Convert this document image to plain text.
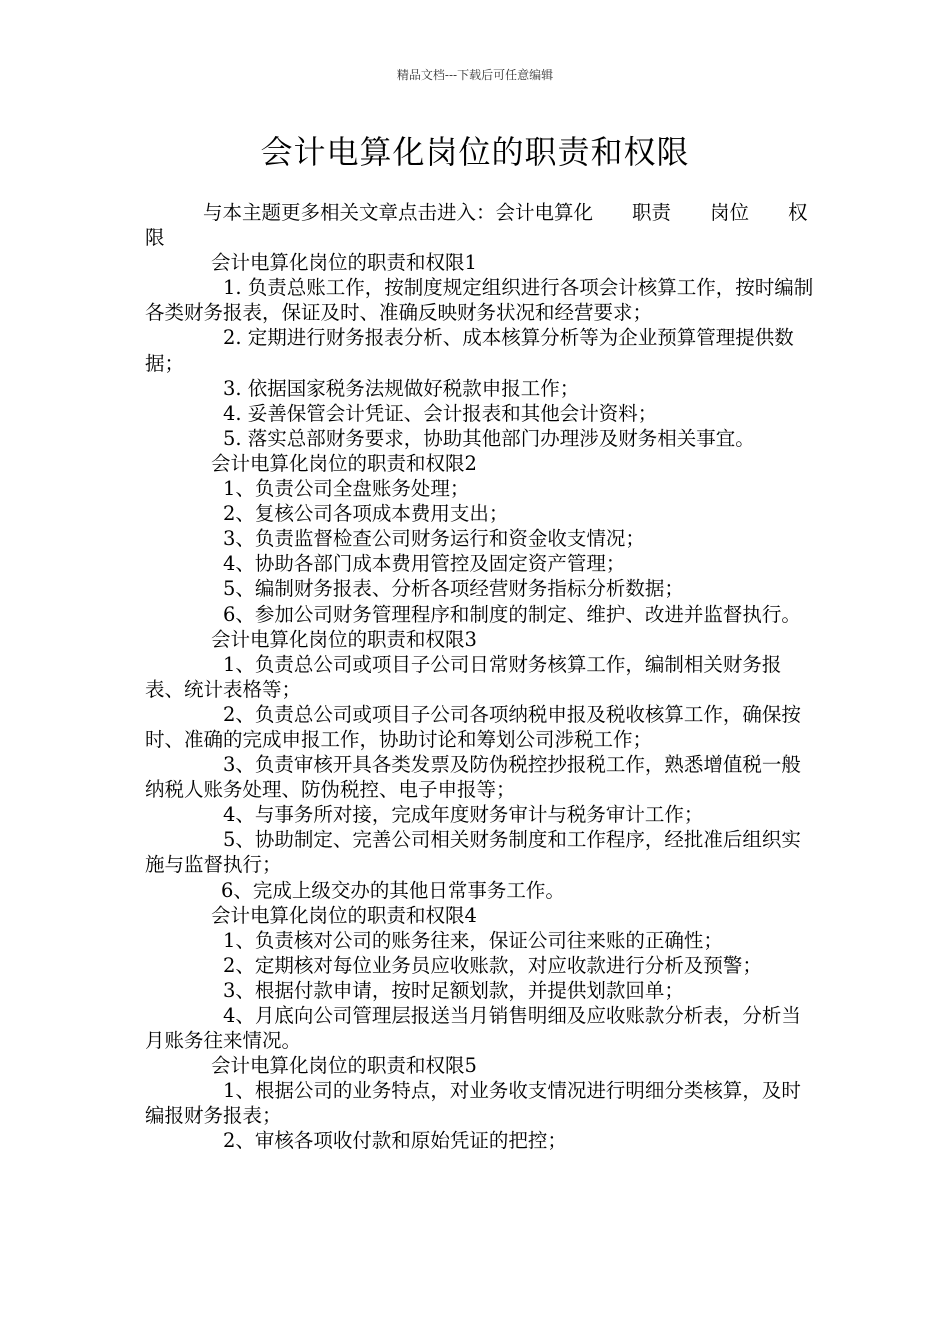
精品文档---下载后可任意编辑
会计电算化岗位的职责和权限

与本主题更多相关文章点击进入：会计电算化　　职责　　岗位　　权限

会计电算化岗位的职责和权限1

1. 负责总账工作，按制度规定组织进行各项会计核算工作，按时编制各类财务报表，保证及时、准确反映财务状况和经营要求；

2. 定期进行财务报表分析、成本核算分析等为企业预算管理提供数据；

3. 依据国家税务法规做好税款申报工作；

4. 妥善保管会计凭证、会计报表和其他会计资料；

5. 落实总部财务要求，协助其他部门办理涉及财务相关事宜。

会计电算化岗位的职责和权限2

1、负责公司全盘账务处理；

2、复核公司各项成本费用支出；

3、负责监督检查公司财务运行和资金收支情况；

4、协助各部门成本费用管控及固定资产管理；

5、编制财务报表、分析各项经营财务指标分析数据；

6、参加公司财务管理程序和制度的制定、维护、改进并监督执行。

会计电算化岗位的职责和权限3

1、负责总公司或项目子公司日常财务核算工作，编制相关财务报表、统计表格等；

2、负责总公司或项目子公司各项纳税申报及税收核算工作，确保按时、准确的完成申报工作，协助讨论和筹划公司涉税工作；

3、负责审核开具各类发票及防伪税控抄报税工作，熟悉增值税一般纳税人账务处理、防伪税控、电子申报等；

4、与事务所对接，完成年度财务审计与税务审计工作；

5、协助制定、完善公司相关财务制度和工作程序，经批准后组织实施与监督执行；

6、完成上级交办的其他日常事务工作。

会计电算化岗位的职责和权限4

1、负责核对公司的账务往来，保证公司往来账的正确性；

2、定期核对每位业务员应收账款，对应收款进行分析及预警；

3、根据付款申请，按时足额划款，并提供划款回单；

4、月底向公司管理层报送当月销售明细及应收账款分析表，分析当月账务往来情况。

会计电算化岗位的职责和权限5

1、根据公司的业务特点，对业务收支情况进行明细分类核算，及时编报财务报表；

2、审核各项收付款和原始凭证的把控；
